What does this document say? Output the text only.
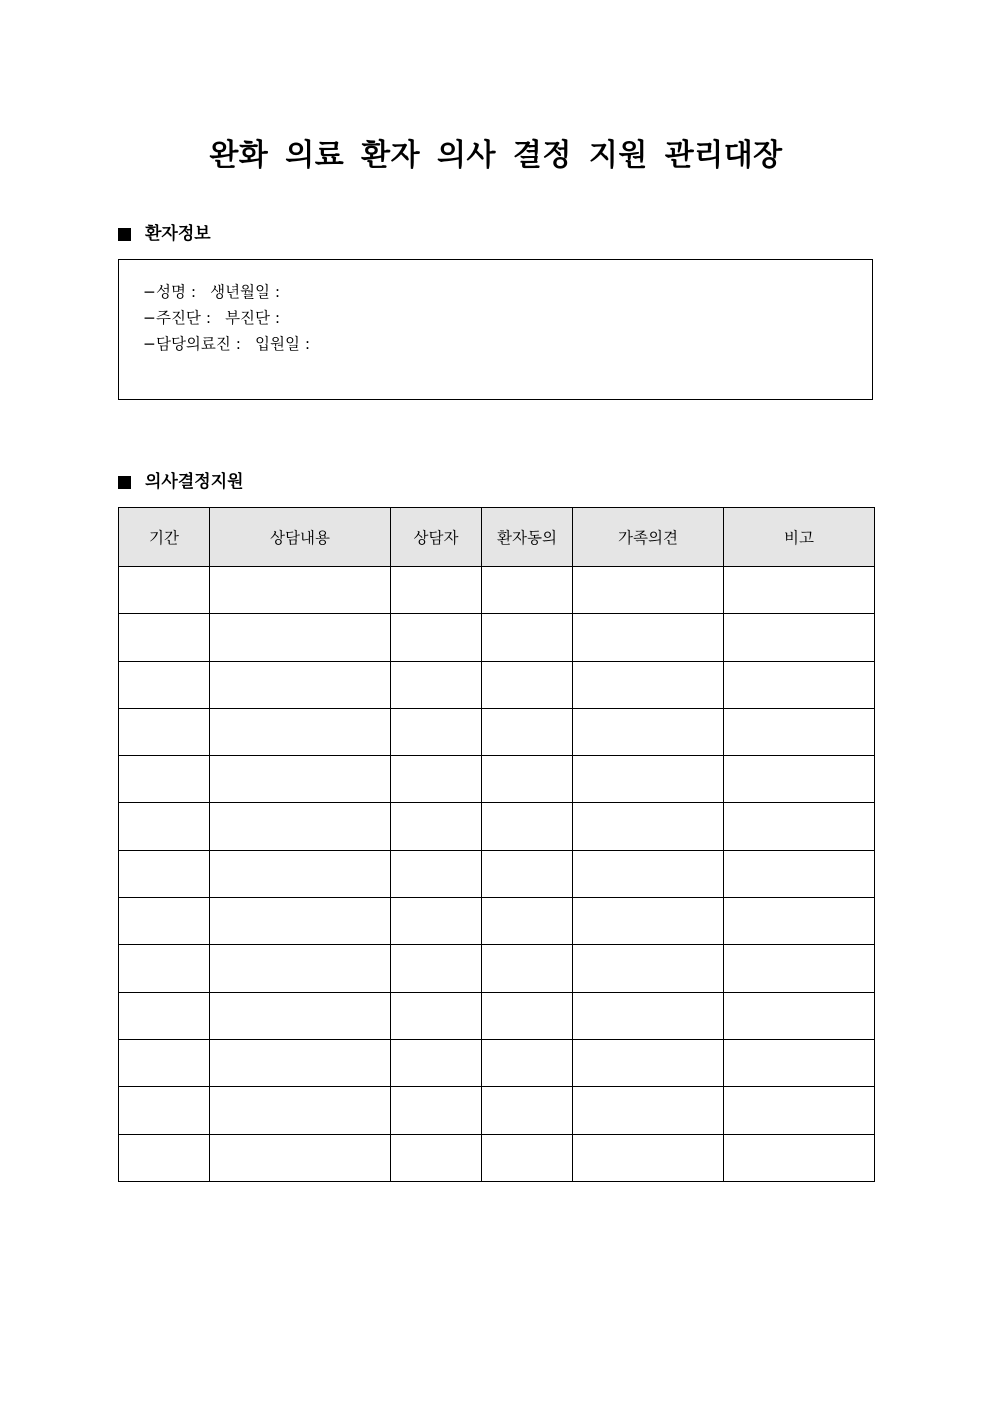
완화 의료 환자 의사 결정 지원 관리대장
환자정보
−성명 : 생년월일 :
−주진단 : 부진단 :
−담당의료진 : 입원일 :
의사결정지원
기간	상담내용	상담자	환자동의	가족의견	비고
